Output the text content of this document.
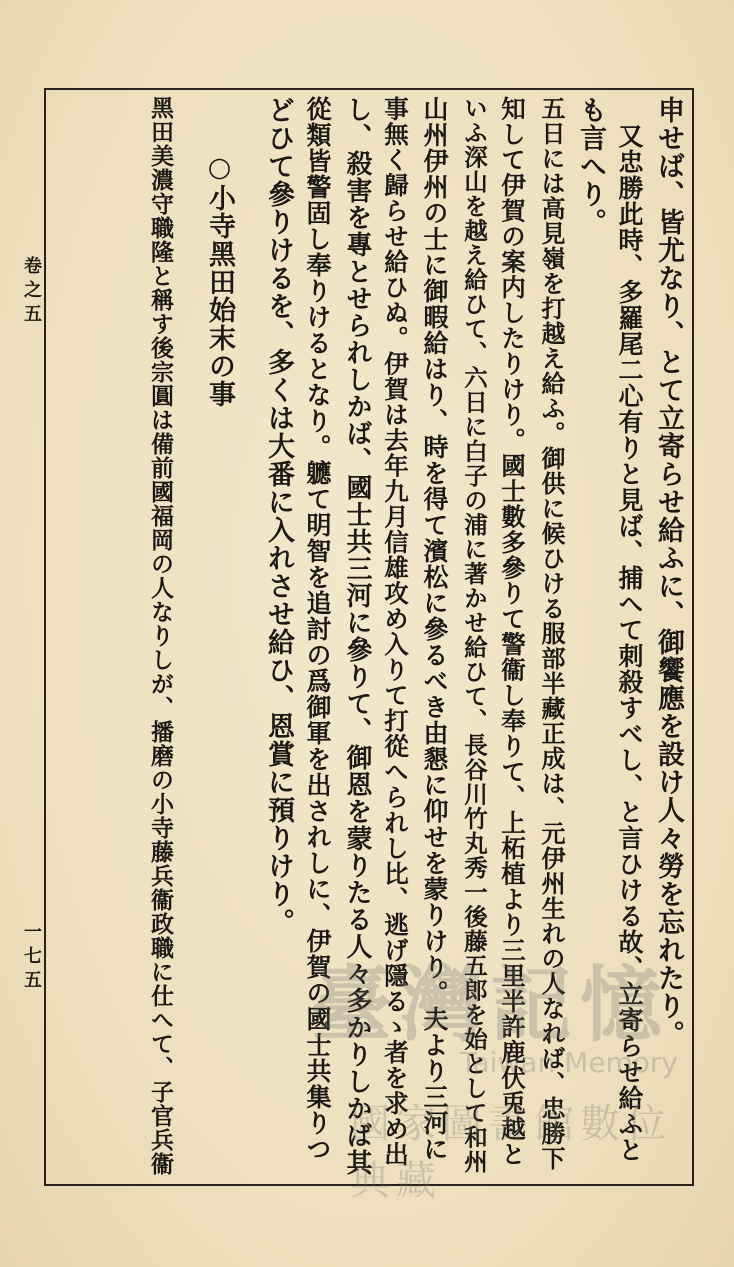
卷之五
一七五	申せば、皆尤なり、とて立寄らせ給ふに、御饗應を設け人々勞を忘れたり。
又忠勝此時、多羅尾二心有りと見ば、捕へて刺殺すべし、と言ひける故、立寄らせ給ふと
も言へり。
五日には高見嶺を打越え給ふ。御供に候ひける服部半藏正成は、元伊州生れの人なれば、忠勝下
知して伊賀の案内したりけり。國士數多參りて警衞し奉りて、上柘植より三里半許鹿伏兎越と
いふ深山を越え給ひて、六日に白子の浦に著かせ給ひて、長谷川竹丸秀一後藤五郎を始として和州
山州伊州の士に御暇給はり、時を得て濱松に參るべき由懇に仰せを蒙りけり。夫より三河に
事無く歸らせ給ひぬ。伊賀は去年九月信雄攻め入りて打從へられし比、逃げ隱るゝ者を求め出
し、殺害を專とせられしかば、國士共三河に參りて、御恩を蒙りたる人々多かりしかば其
從類皆警固し奉りけるとなり。軈て明智を追討の爲御軍を出されしに、伊賀の國士共集りつ
どひて參りけるを、多くは大番に入れさせ給ひ、恩賞に預りけり。
○小寺黑田始末の事
黑田美濃守職隆と稱す後宗圓は備前國福岡の人なりしが、播磨の小寺藤兵衞政職に仕へて、子官兵衞 臺灣記憶
Taiwan Memory
國家圖書館數位典藏
